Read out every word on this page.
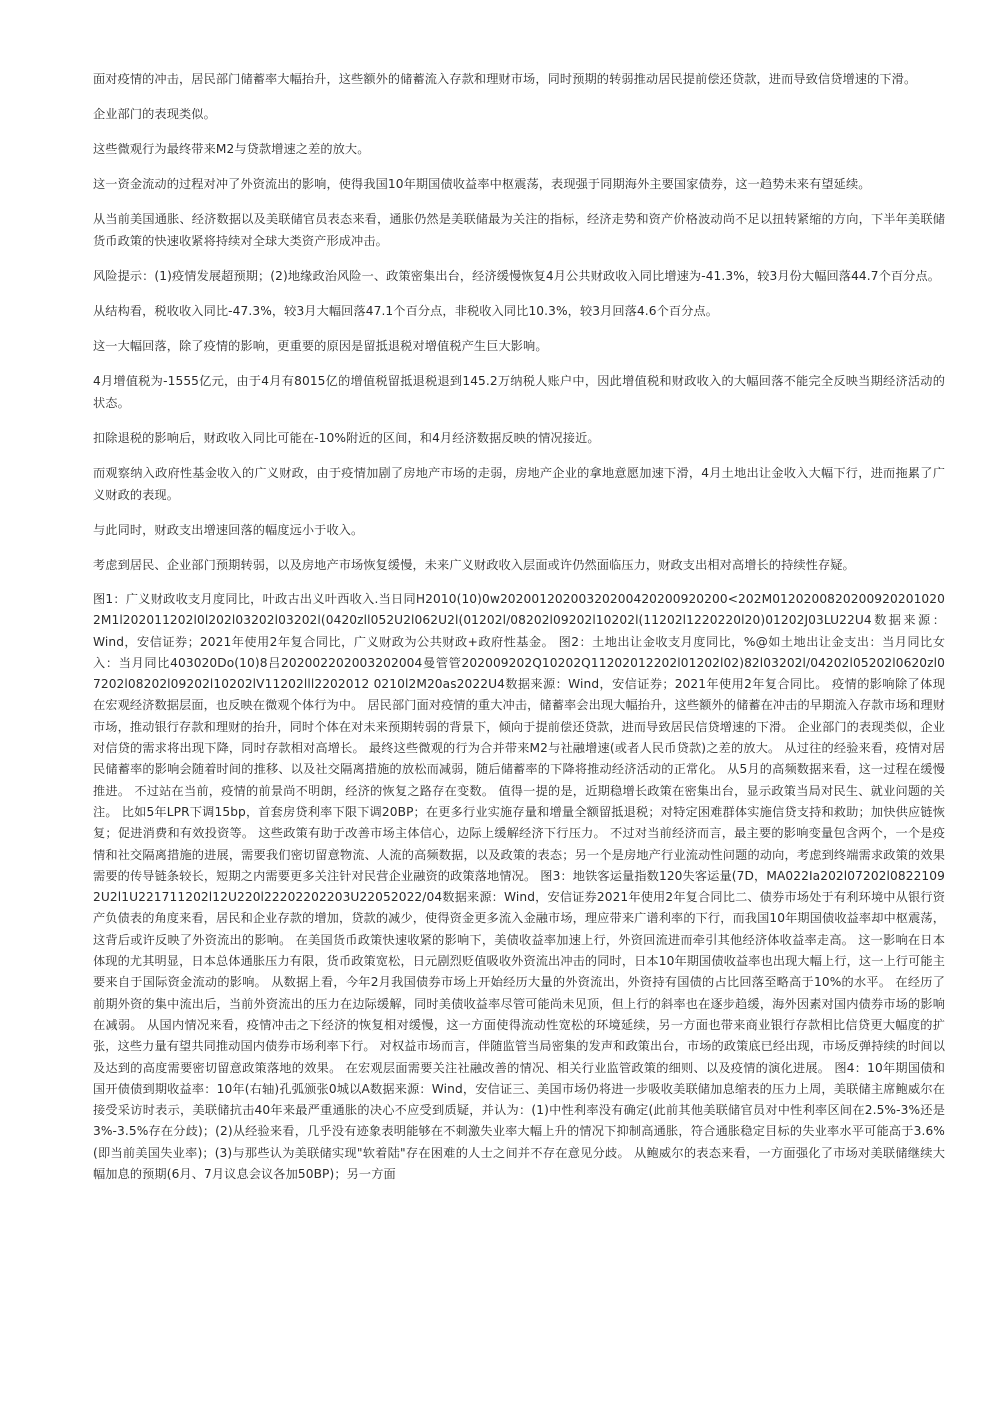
面对疫情的冲击，居民部门储蓄率大幅抬升，这些额外的储蓄流入存款和理财市场，同时预期的转弱推动居民提前偿还贷款，进而导致信贷增速的下滑。

企业部门的表现类似。

这些微观行为最终带来M2与贷款增速之差的放大。

这一资金流动的过程对冲了外资流出的影响，使得我国10年期国债收益率中枢震荡，表现强于同期海外主要国家债券，这一趋势未来有望延续。

从当前美国通胀、经济数据以及美联储官员表态来看，通胀仍然是美联储最为关注的指标，经济走势和资产价格波动尚不足以扭转紧缩的方向，下半年美联储货币政策的快速收紧将持续对全球大类资产形成冲击。

风险提示：(1)疫情发展超预期；(2)地缘政治风险一、政策密集出台，经济缓慢恢复4月公共财政收入同比增速为-41.3%，较3月份大幅回落44.7个百分点。

从结构看，税收收入同比-47.3%，较3月大幅回落47.1个百分点，非税收入同比10.3%，较3月回落4.6个百分点。

这一大幅回落，除了疫情的影响，更重要的原因是留抵退税对增值税产生巨大影响。

4月增值税为-1555亿元，由于4月有8015亿的增值税留抵退税退到145.2万纳税人账户中，因此增值税和财政收入的大幅回落不能完全反映当期经济活动的状态。

扣除退税的影响后，财政收入同比可能在-10%附近的区间，和4月经济数据反映的情况接近。

而观察纳入政府性基金收入的广义财政，由于疫情加剧了房地产市场的走弱，房地产企业的拿地意愿加速下滑，4月土地出让金收入大幅下行，进而拖累了广义财政的表现。

与此同时，财政支出增速回落的幅度远小于收入。

考虑到居民、企业部门预期转弱，以及房地产市场恢复缓慢，未来广义财政收入层面或许仍然面临压力，财政支出相对高增长的持续性存疑。

图1：广义财政收支月度同比，叶政古出义叶西收入.当日同H2010(10)0w20200120200320200420200920200<202M01202008202009202010202M1l202011202l0l202l03202l03202l(0420zll052U2l062U2l(01202l/08202l09202l10202l(11202l1220220l20)01202J03LU22U4数据来源：Wind，安信证券；2021年使用2年复合同比，广义财政为公共财政+政府性基金。 图2：土地出让金收支月度同比，%@如土地出让金支出：当月同比女入：当月同比403020Do(10)8吕202002202003202004曼管管202009202Q10202Q11202012202l01202l02)82l03202l/04202l05202l0620zl07202l08202l09202l10202lV11202lll2202012 0210l2M20as2022U4数据来源：Wind，安信证券；2021年使用2年复合同比。 疫情的影响除了体现在宏观经济数据层面，也反映在微观个体行为中。 居民部门面对疫情的重大冲击，储蓄率会出现大幅抬升，这些额外的储蓄在冲击的早期流入存款市场和理财市场，推动银行存款和理财的抬升，同时个体在对未来预期转弱的背景下，倾向于提前偿还贷款，进而导致居民信贷增速的下滑。 企业部门的表现类似，企业对信贷的需求将出现下降，同时存款相对高增长。 最终这些微观的行为合并带来M2与社融增速(或者人民币贷款)之差的放大。 从过往的经验来看，疫情对居民储蓄率的影响会随着时间的推移、以及社交隔离措施的放松而减弱，随后储蓄率的下降将推动经济活动的正常化。 从5月的高频数据来看，这一过程在缓慢推进。 不过站在当前，疫情的前景尚不明朗，经济的恢复之路存在变数。 值得一提的是，近期稳增长政策在密集出台，显示政策当局对民生、就业问题的关注。 比如5年LPR下调15bp，首套房贷利率下限下调20BP；在更多行业实施存量和增量全额留抵退税；对特定困难群体实施信贷支持和救助；加快供应链恢复；促进消费和有效投资等。 这些政策有助于改善市场主体信心，边际上缓解经济下行压力。 不过对当前经济而言，最主要的影响变量包含两个，一个是疫情和社交隔离措施的进展，需要我们密切留意物流、人流的高频数据，以及政策的表态；另一个是房地产行业流动性问题的动向，考虑到终端需求政策的效果需要的传导链条较长，短期之内需要更多关注针对民营企业融资的政策落地情况。 图3：地铁客运量指数120失客运量(7D，MA022Ia202l07202l08221092U2l1U221711202l12U220l22202202203U22052022/04数据来源：Wind，安信证券2021年使用2年复合同比二、债券市场处于有利环境中从银行资产负债表的角度来看，居民和企业存款的增加，贷款的减少，使得资金更多流入金融市场，理应带来广谱利率的下行，而我国10年期国债收益率却中枢震荡，这背后或许反映了外资流出的影响。 在美国货币政策快速收紧的影响下，美债收益率加速上行，外资回流进而牵引其他经济体收益率走高。 这一影响在日本体现的尤其明显，日本总体通胀压力有限，货币政策宽松，日元剧烈贬值吸收外资流出冲击的同时，日本10年期国债收益率也出现大幅上行，这一上行可能主要来自于国际资金流动的影响。 从数据上看，今年2月我国债券市场上开始经历大量的外资流出，外资持有国债的占比回落至略高于10%的水平。 在经历了前期外资的集中流出后，当前外资流出的压力在边际缓解，同时美债收益率尽管可能尚未见顶，但上行的斜率也在逐步趋缓，海外因素对国内债券市场的影响在减弱。 从国内情况来看，疫情冲击之下经济的恢复相对缓慢，这一方面使得流动性宽松的环境延续，另一方面也带来商业银行存款相比信贷更大幅度的扩张，这些力量有望共同推动国内债券市场利率下行。 对权益市场而言，伴随监管当局密集的发声和政策出台，市场的政策底已经出现，市场反弹持续的时间以及达到的高度需要密切留意政策落地的效果。 在宏观层面需要关注社融改善的情况、相关行业监管政策的细则、以及疫情的演化进展。 图4：10年期国债和国开债债到期收益率：10年(右轴)孔弧颁张0城以A数据来源：Wind，安信证三、美国市场仍将进一步吸收美联储加息缩表的压力上周，美联储主席鲍威尔在接受采访时表示，美联储抗击40年来最严重通胀的决心不应受到质疑，并认为：(1)中性利率没有确定(此前其他美联储官员对中性利率区间在2.5%-3%还是3%-3.5%存在分歧)；(2)从经验来看，几乎没有迹象表明能够在不刺激失业率大幅上升的情况下抑制高通胀，符合通胀稳定目标的失业率水平可能高于3.6%(即当前美国失业率)；(3)与那些认为美联储实现"软着陆"存在困难的人士之间并不存在意见分歧。 从鲍威尔的表态来看，一方面强化了市场对美联储继续大幅加息的预期(6月、7月议息会议各加50BP)；另一方面
